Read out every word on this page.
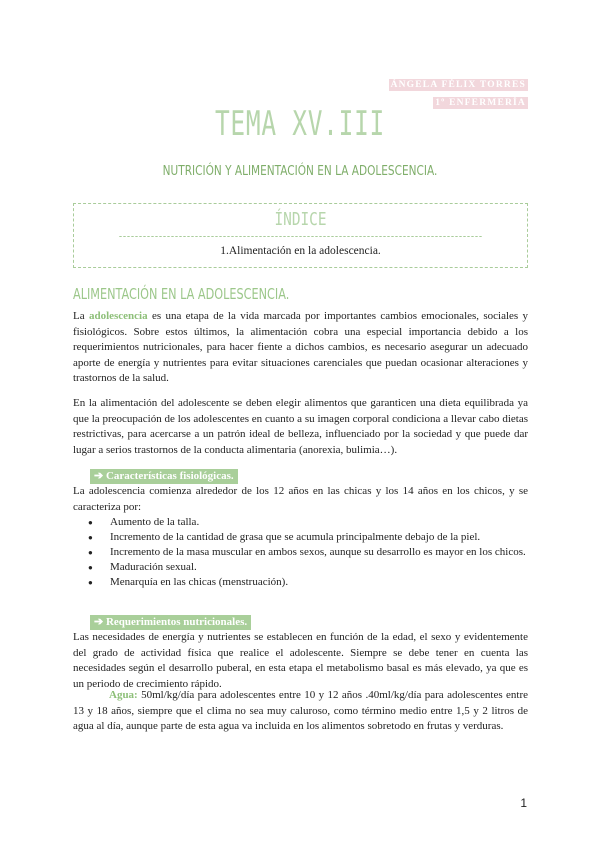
ÁNGELA FÉLIX TORRES
1º ENFERMERÍA
TEMA XV.III
NUTRICIÓN Y ALIMENTACIÓN EN LA ADOLESCENCIA.
ÍNDICE
1.Alimentación en la adolescencia.
ALIMENTACIÓN EN LA ADOLESCENCIA.
La adolescencia es una etapa de la vida marcada por importantes cambios emocionales, sociales y fisiológicos. Sobre estos últimos, la alimentación cobra una especial importancia debido a los requerimientos nutricionales, para hacer fiente a dichos cambios, es necesario asegurar un adecuado aporte de energía y nutrientes para evitar situaciones carenciales que puedan ocasionar alteraciones y trastornos de la salud.
En la alimentación del adolescente se deben elegir alimentos que garanticen una dieta equilibrada ya que la preocupación de los adolescentes en cuanto a su imagen corporal condiciona a llevar cabo dietas restrictivas, para acercarse a un patrón ideal de belleza, influenciado por la sociedad y que puede dar lugar a serios trastornos de la conducta alimentaria (anorexia, bulimia…).
➔ Características fisiológicas.
La adolescencia comienza alrededor de los 12 años en las chicas y los 14 años en los chicos, y se caracteriza por:
● Aumento de la talla.
● Incremento de la cantidad de grasa que se acumula principalmente debajo de la piel.
● Incremento de la masa muscular en ambos sexos, aunque su desarrollo es mayor en los chicos.
● Maduración sexual.
● Menarquía en las chicas (menstruación).
➔ Requerimientos nutricionales.
Las necesidades de energía y nutrientes se establecen en función de la edad, el sexo y evidentemente del grado de actividad física que realice el adolescente. Siempre se debe tener en cuenta las necesidades según el desarrollo puberal, en esta etapa el metabolismo basal es más elevado, ya que es un periodo de crecimiento rápido.
Agua: 50ml/kg/día para adolescentes entre 10 y 12 años .40ml/kg/día para adolescentes entre 13 y 18 años, siempre que el clima no sea muy caluroso, como término medio entre 1,5 y 2 litros de agua al día, aunque parte de esta agua va incluida en los alimentos sobretodo en frutas y verduras.
1
